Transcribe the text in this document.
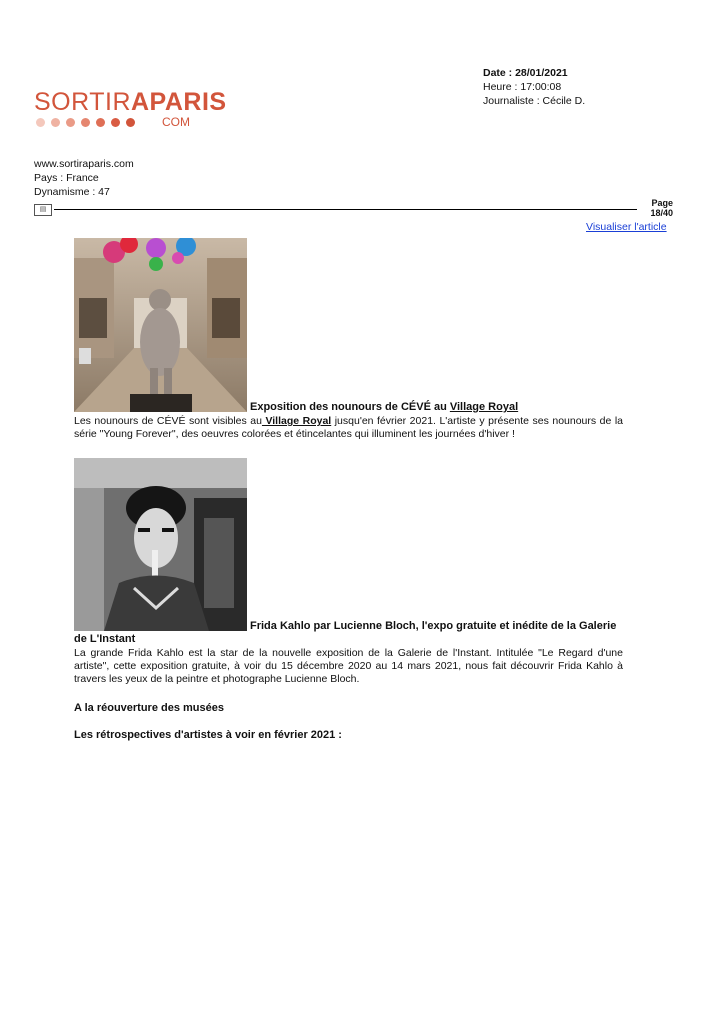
SORTIRAPARIS
COM
Date : 28/01/2021
Heure : 17:00:08
Journaliste : Cécile D.
www.sortiraparis.com
Pays : France
Dynamisme : 47
▤
Page
18/40
Visualiser l'article
Exposition des nounours de CÉVÉ au Village Royal
Les nounours de CÉVÉ sont visibles au Village Royal jusqu'en février 2021. L'artiste y présente ses nounours de la série "Young Forever", des oeuvres colorées et étincelantes qui illuminent les journées d'hiver !
Frida Kahlo par Lucienne Bloch, l'expo gratuite et inédite de la Galerie
de L'Instant
La grande Frida Kahlo est la star de la nouvelle exposition de la Galerie de l'Instant. Intitulée "Le Regard d'une artiste", cette exposition gratuite, à voir du 15 décembre 2020 au 14 mars 2021, nous fait découvrir Frida Kahlo à travers les yeux de la peintre et photographe Lucienne Bloch.
A la réouverture des musées
Les rétrospectives d'artistes à voir en février 2021 :
